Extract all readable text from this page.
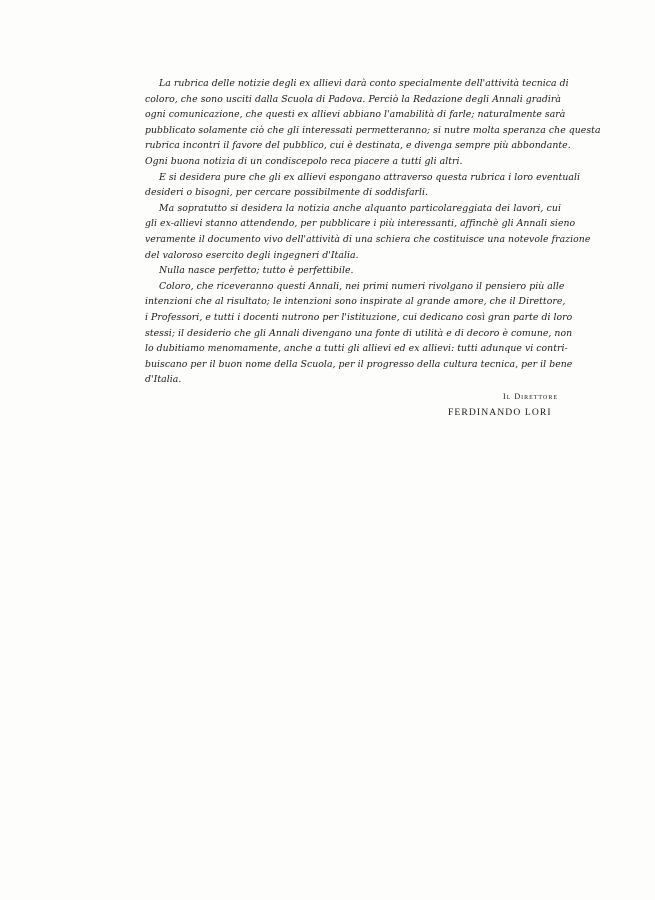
La rubrica delle notizie degli ex allievi darà conto specialmente dell'attività tecnica di
coloro, che sono usciti dalla Scuola di Padova. Perciò la Redazione degli Annali gradirà
ogni comunicazione, che questi ex allievi abbiano l'amabilità di farle; naturalmente sarà
pubblicato solamente ciò che gli interessati permetteranno; si nutre molta speranza che questa
rubrica incontri il favore del pubblico, cui è destinata, e divenga sempre più abbondante.
Ogni buona notizia di un condiscepolo reca piacere a tutti gli altri.
E si desidera pure che gli ex allievi espongano attraverso questa rubrica i loro eventuali
desideri o bisogni, per cercare possibilmente di soddisfarli.
Ma sopratutto si desidera la notizia anche alquanto particolareggiata dei lavori, cui
gli ex-allievi stanno attendendo, per pubblicare i più interessanti, affinchè gli Annali sieno
veramente il documento vivo dell'attività di una schiera che costituisce una notevole frazione
del valoroso esercito degli ingegneri d'Italia.
Nulla nasce perfetto; tutto è perfettibile.
Coloro, che riceveranno questi Annali, nei primi numeri rivolgano il pensiero più alle
intenzioni che al risultato; le intenzioni sono inspirate al grande amore, che il Direttore,
i Professori, e tutti i docenti nutrono per l'istituzione, cui dedicano così gran parte di loro
stessi; il desiderio che gli Annali divengano una fonte di utilità e di decoro è comune, non
lo dubitiamo menomamente, anche a tutti gli allievi ed ex allievi: tutti adunque vi contri-
buiscano per il buon nome della Scuola, per il progresso della cultura tecnica, per il bene
d'Italia.
Il Direttore
FERDINANDO LORI
